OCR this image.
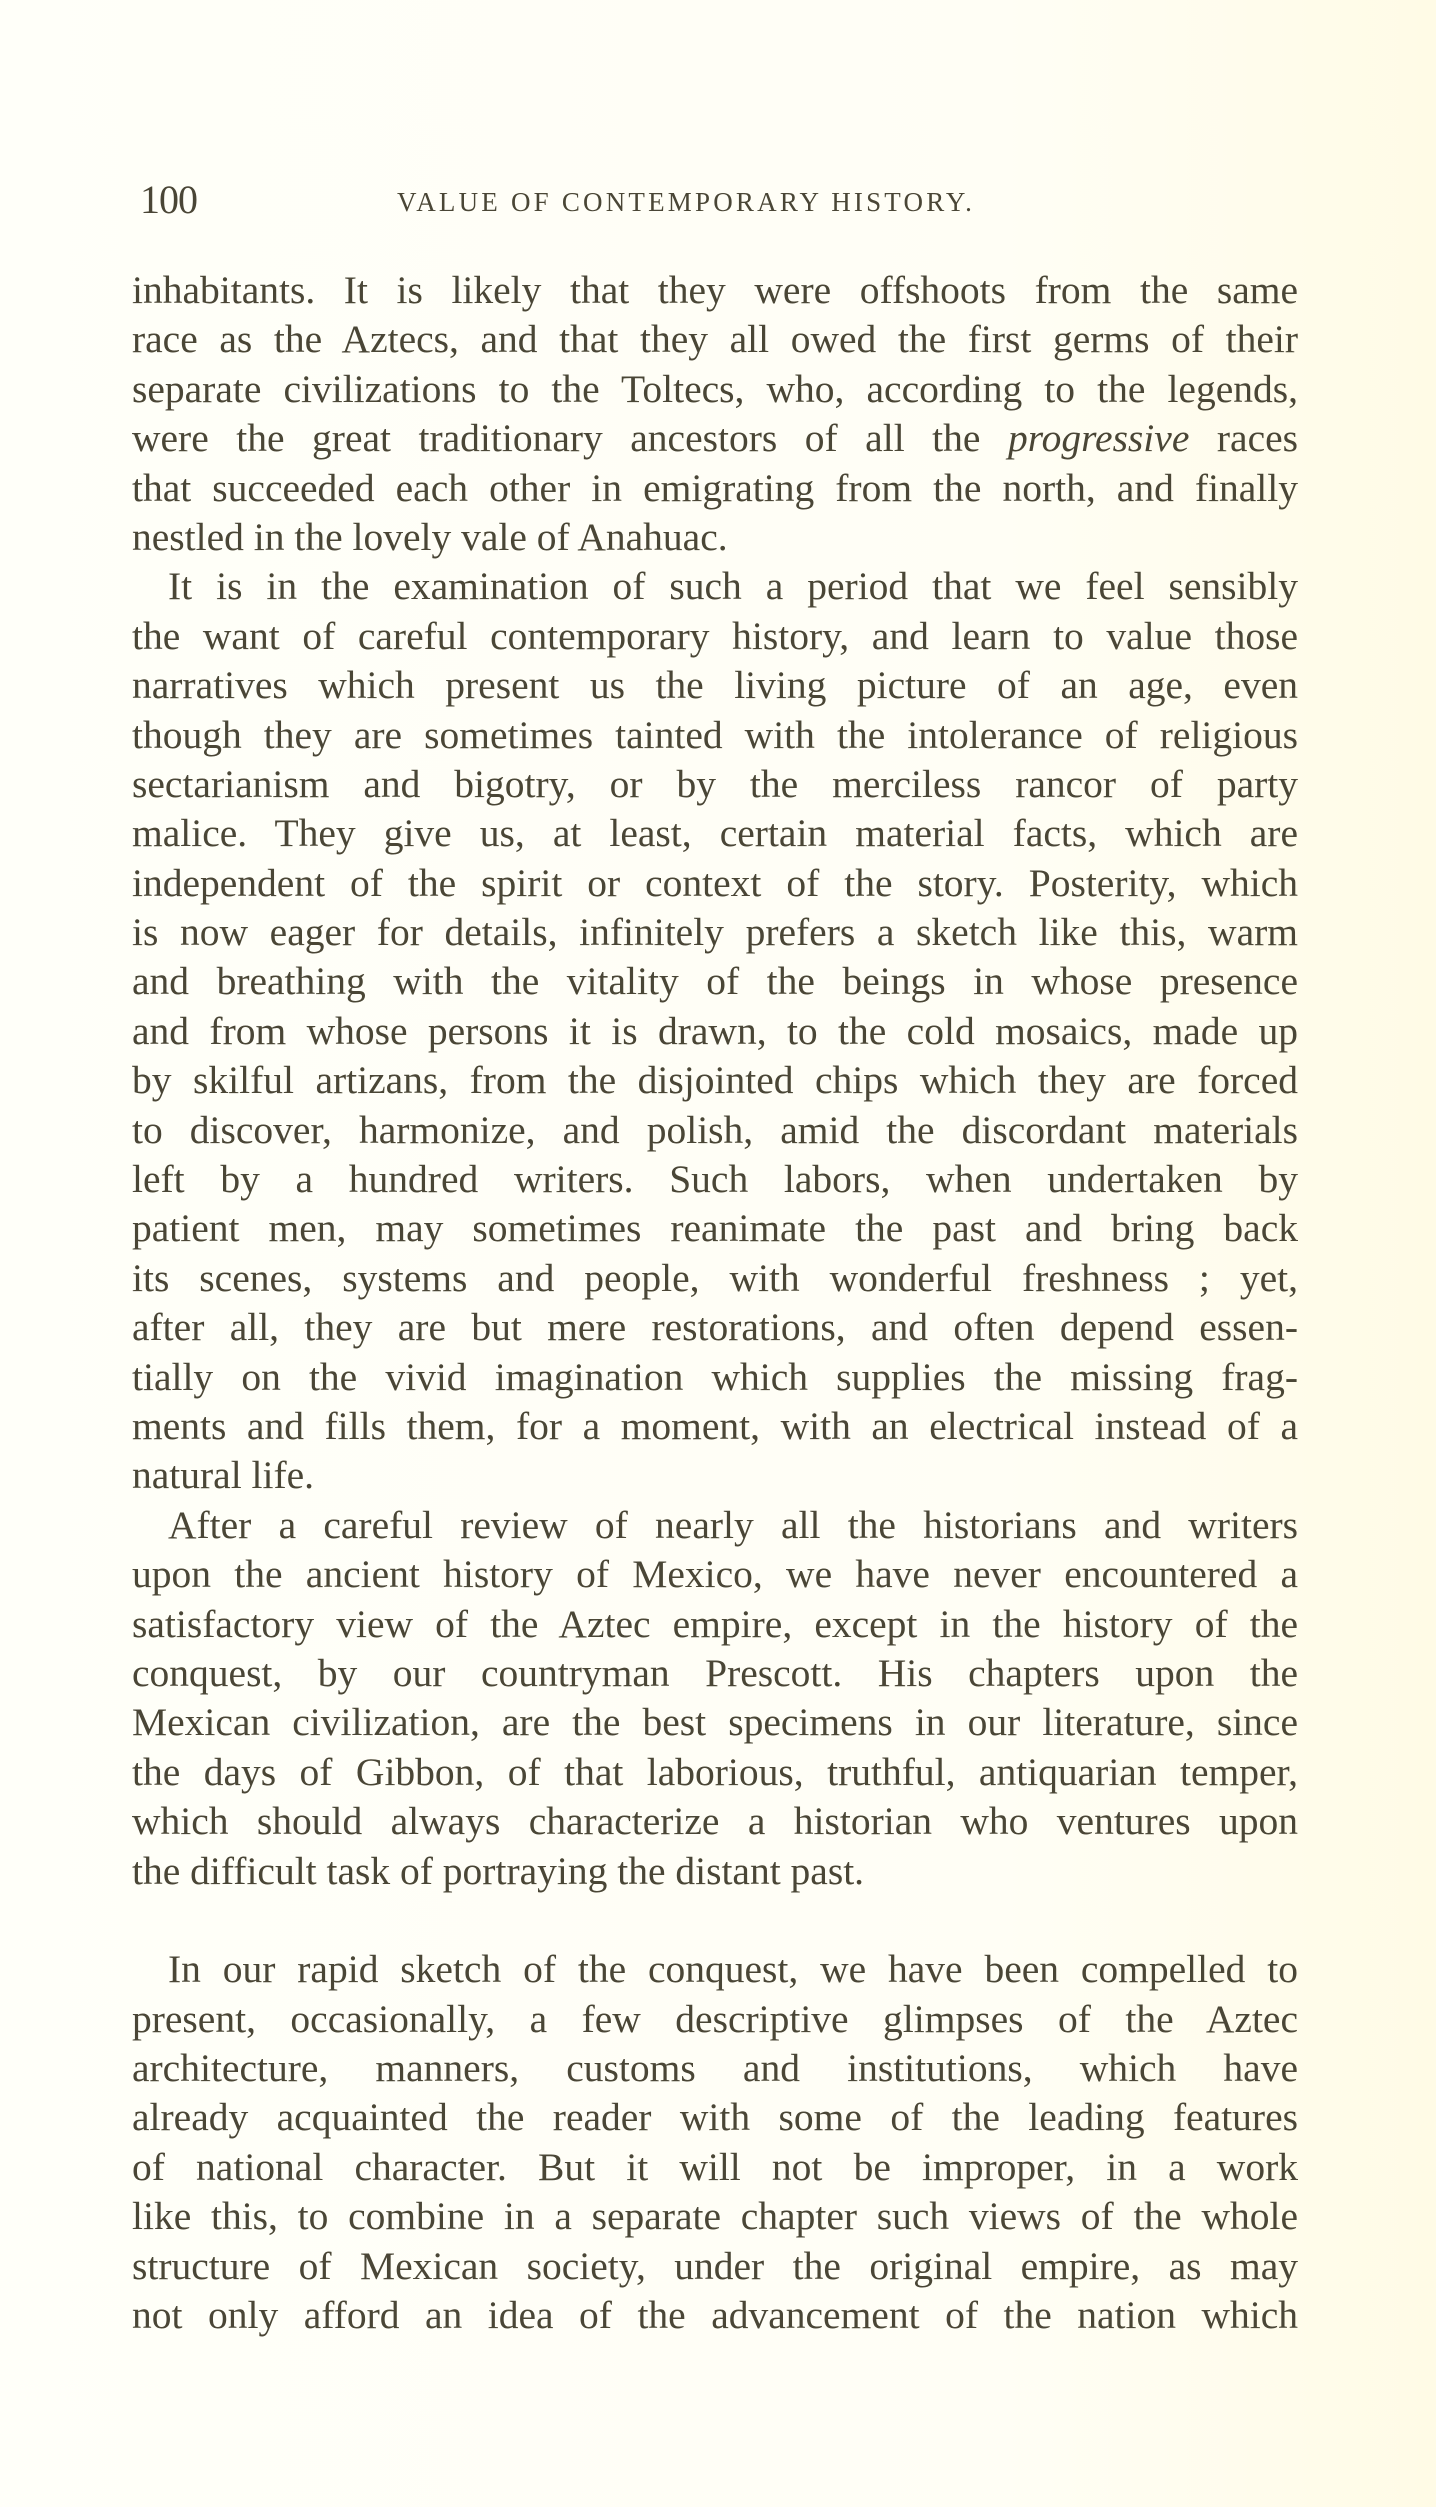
100	VALUE OF CONTEMPORARY HISTORY.
inhabitants. It is likely that they were offshoots from the same
race as the Aztecs, and that they all owed the first germs of their
separate civilizations to the Toltecs, who, according to the legends,
were the great traditionary ancestors of all the progressive races
that succeeded each other in emigrating from the north, and finally
nestled in the lovely vale of Anahuac.
It is in the examination of such a period that we feel sensibly
the want of careful contemporary history, and learn to value those
narratives which present us the living picture of an age, even
though they are sometimes tainted with the intolerance of religious
sectarianism and bigotry, or by the merciless rancor of party
malice. They give us, at least, certain material facts, which are
independent of the spirit or context of the story. Posterity, which
is now eager for details, infinitely prefers a sketch like this, warm
and breathing with the vitality of the beings in whose presence
and from whose persons it is drawn, to the cold mosaics, made up
by skilful artizans, from the disjointed chips which they are forced
to discover, harmonize, and polish, amid the discordant materials
left by a hundred writers. Such labors, when undertaken by
patient men, may sometimes reanimate the past and bring back
its scenes, systems and people, with wonderful freshness ; yet,
after all, they are but mere restorations, and often depend essen-
tially on the vivid imagination which supplies the missing frag-
ments and fills them, for a moment, with an electrical instead of a
natural life.
After a careful review of nearly all the historians and writers
upon the ancient history of Mexico, we have never encountered a
satisfactory view of the Aztec empire, except in the history of the
conquest, by our countryman Prescott. His chapters upon the
Mexican civilization, are the best specimens in our literature, since
the days of Gibbon, of that laborious, truthful, antiquarian temper,
which should always characterize a historian who ventures upon
the difficult task of portraying the distant past.
In our rapid sketch of the conquest, we have been compelled to
present, occasionally, a few descriptive glimpses of the Aztec
architecture, manners, customs and institutions, which have
already acquainted the reader with some of the leading features
of national character. But it will not be improper, in a work
like this, to combine in a separate chapter such views of the whole
structure of Mexican society, under the original empire, as may
not only afford an idea of the advancement of the nation which
